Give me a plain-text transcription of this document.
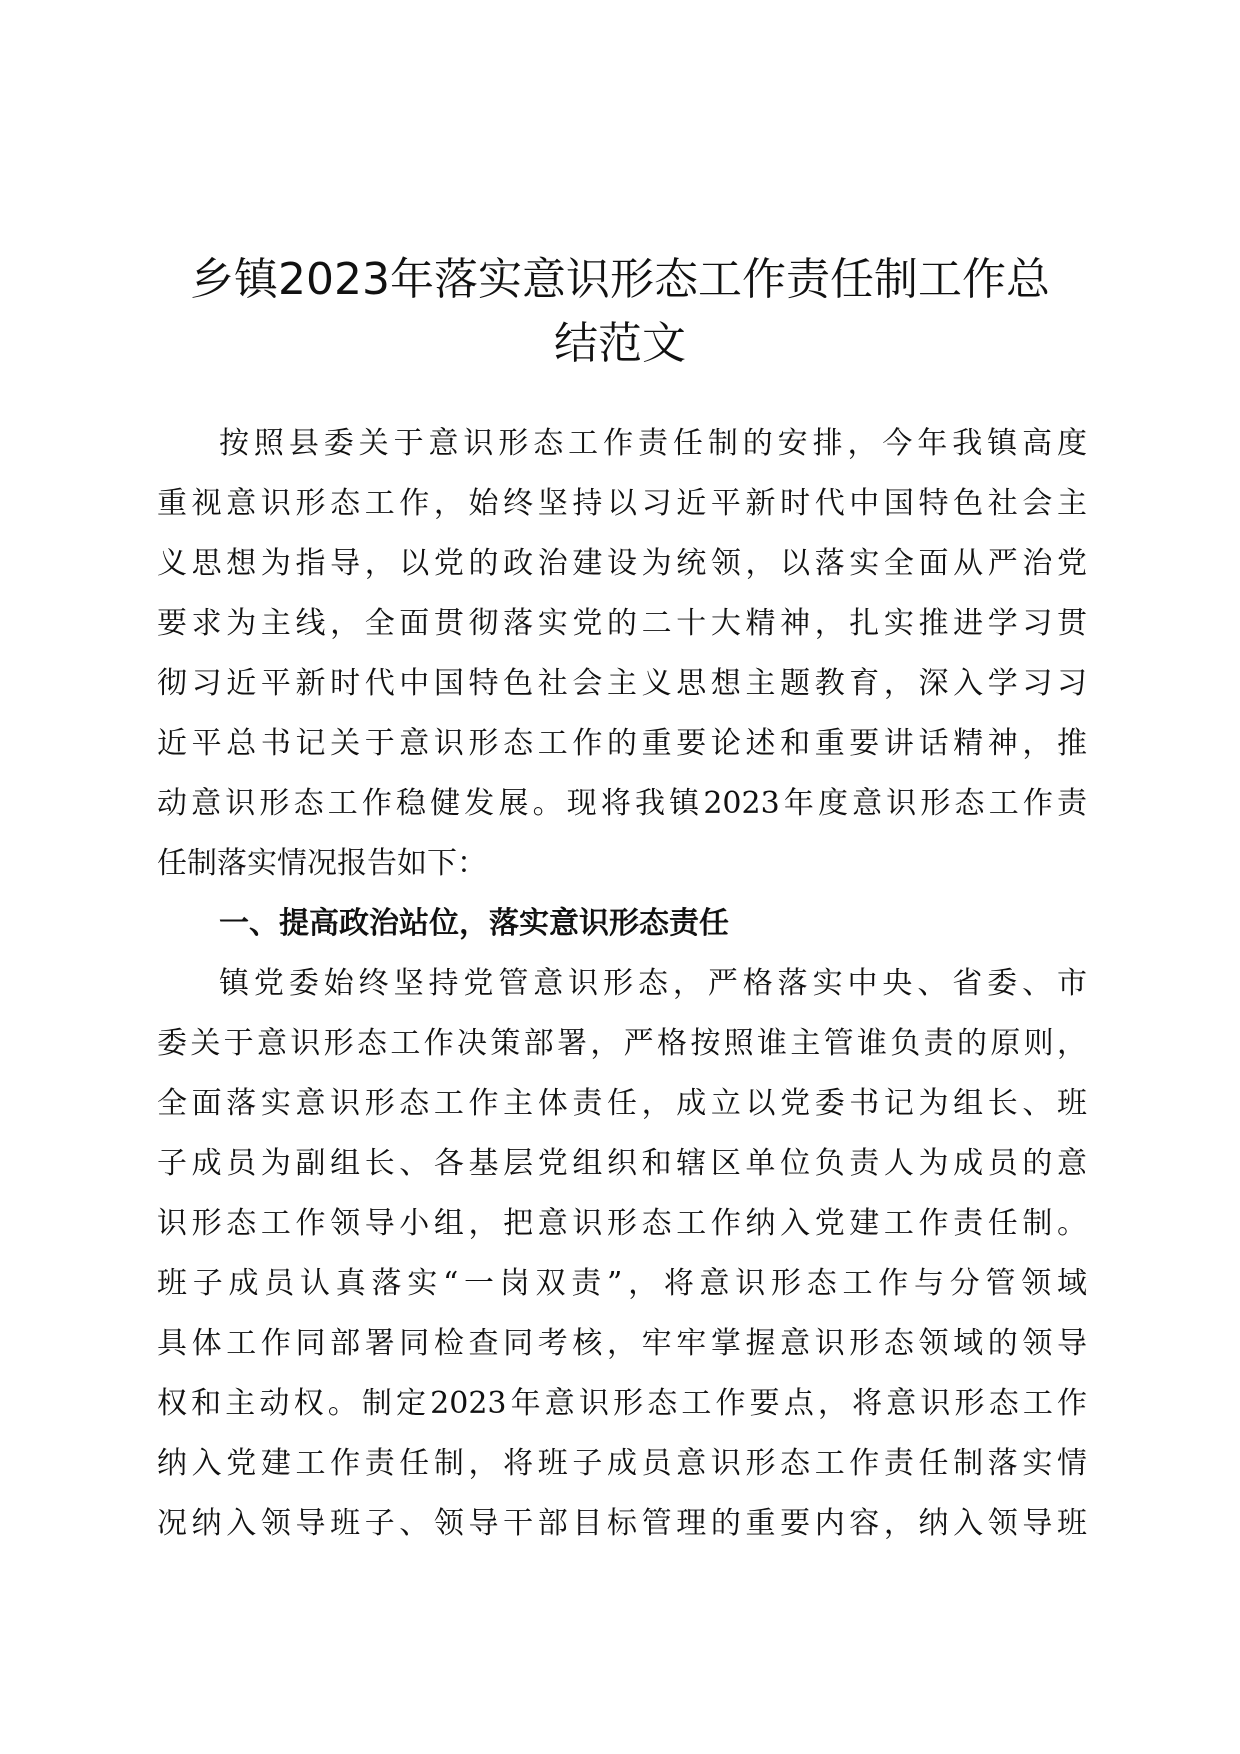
乡镇2023年落实意识形态工作责任制工作总
结范文
按照县委关于意识形态工作责任制的安排，今年我镇高度
重视意识形态工作，始终坚持以习近平新时代中国特色社会主
义思想为指导，以党的政治建设为统领，以落实全面从严治党
要求为主线，全面贯彻落实党的二十大精神，扎实推进学习贯
彻习近平新时代中国特色社会主义思想主题教育，深入学习习
近平总书记关于意识形态工作的重要论述和重要讲话精神，推
动意识形态工作稳健发展。现将我镇2023年度意识形态工作责
任制落实情况报告如下：
一、提高政治站位，落实意识形态责任
镇党委始终坚持党管意识形态，严格落实中央、省委、市
委关于意识形态工作决策部署，严格按照谁主管谁负责的原则，
全面落实意识形态工作主体责任，成立以党委书记为组长、班
子成员为副组长、各基层党组织和辖区单位负责人为成员的意
识形态工作领导小组，把意识形态工作纳入党建工作责任制。
班子成员认真落实“一岗双责”，将意识形态工作与分管领域
具体工作同部署同检查同考核，牢牢掌握意识形态领域的领导
权和主动权。制定2023年意识形态工作要点，将意识形态工作
纳入党建工作责任制，将班子成员意识形态工作责任制落实情
况纳入领导班子、领导干部目标管理的重要内容，纳入领导班
